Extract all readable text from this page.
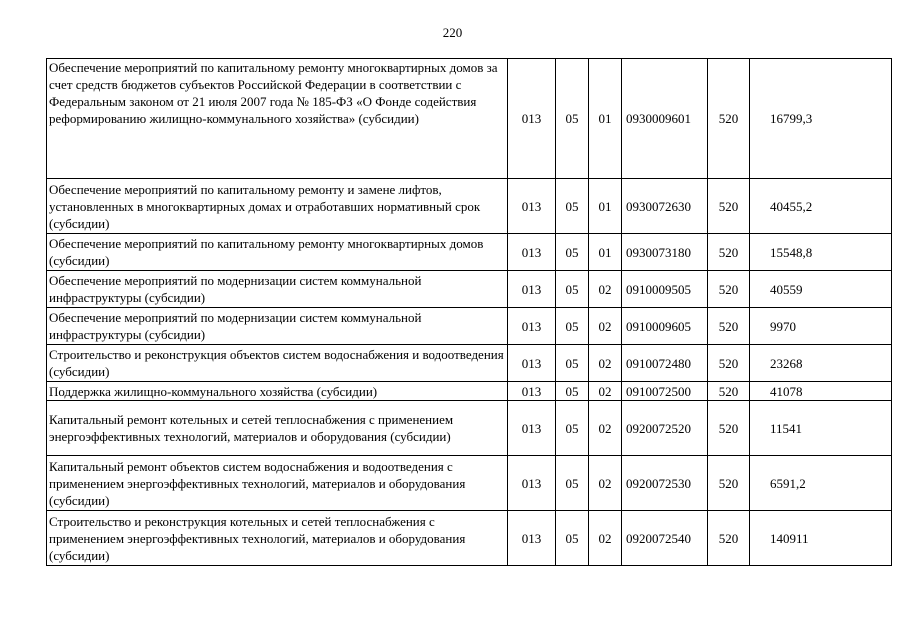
220
Обеспечение мероприятий по капитальному ремонту многоквартирных домов за счет средств бюджетов субъектов Российской Федерации в соответствии с Федеральным законом от 21 июля 2007 года № 185-ФЗ «О Фонде содействия реформированию жилищно-коммунального хозяйства» (субсидии)	013	05	01	0930009601	520	16799,3
Обеспечение мероприятий по капитальному ремонту и замене лифтов, установленных в многоквартирных домах и отработавших нормативный срок (субсидии)	013	05	01	0930072630	520	40455,2
Обеспечение мероприятий по капитальному ремонту многоквартирных домов (субсидии)	013	05	01	0930073180	520	15548,8
Обеспечение мероприятий по модернизации систем коммунальной инфраструктуры (субсидии)	013	05	02	0910009505	520	40559
Обеспечение мероприятий по модернизации систем коммунальной инфраструктуры (субсидии)	013	05	02	0910009605	520	9970
Строительство и реконструкция объектов систем водоснабжения и водоотведения (субсидии)	013	05	02	0910072480	520	23268
Поддержка жилищно-коммунального хозяйства (субсидии)	013	05	02	0910072500	520	41078
Капитальный ремонт котельных и сетей теплоснабжения с применением энергоэффективных технологий, материалов и оборудования (субсидии)	013	05	02	0920072520	520	11541
Капитальный ремонт объектов систем водоснабжения и водоотведения с применением энергоэффективных технологий, материалов и оборудования (субсидии)	013	05	02	0920072530	520	6591,2
Строительство и реконструкция котельных и сетей теплоснабжения с применением энергоэффективных технологий, материалов и оборудования (субсидии)	013	05	02	0920072540	520	140911
